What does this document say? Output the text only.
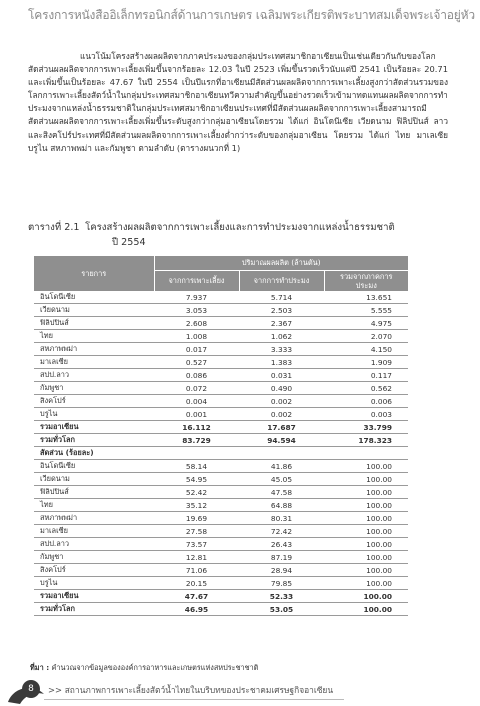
โครงการหนังสืออิเล็กทรอนิกส์ด้านการเกษตร เฉลิมพระเกียรติพระบาทสมเด็จพระเจ้าอยู่หัว
แนวโน้มโครงสร้างผลผลิตจากภาคประมงของกลุ่มประเทศสมาชิกอาเซียนเป็นเช่นเดียวกันกับของโลก สัดส่วนผลผลิตจากการเพาะเลี้ยงเพิ่มขึ้นจากร้อยละ 12.03 ในปี 2523 เพิ่มขึ้นรวดเร็วนับแต่ปี 2541 เป็นร้อยละ 20.71 และเพิ่มขึ้นเป็นร้อยละ 47.67 ในปี 2554 เป็นปีแรกที่อาเซียนมีสัดส่วนผลผลิตจากการเพาะเลี้ยงสูงกว่าสัดส่วนรวมของโลกการเพาะเลี้ยงสัตว์น้ำในกลุ่มประเทศสมาชิกอาเซียนทวีความสำคัญขึ้นอย่างรวดเร็วเข้ามาทดแทนผลผลิตจากการทำประมงจากแหล่งน้ำธรรมชาติในกลุ่มประเทศสมาชิกอาเซียนประเทศที่มีสัดส่วนผลผลิตจากการเพาะเลี้ยงสามารถมีสัดส่วนผลผลิตจากการเพาะเลี้ยงเพิ่มขึ้นระดับสูงกว่ากลุ่มอาเซียนโดยรวม ได้แก่ อินโดนีเซีย เวียดนาม ฟิลิปปินส์ ลาว และสิงคโปร์ประเทศที่มีสัดส่วนผลผลิตจากการเพาะเลี้ยงต่ำกว่าระดับของกลุ่มอาเซียน โดยรวม ได้แก่ ไทย มาเลเซีย บรูไน สหภาพพม่า และกัมพูชา ตามลำดับ (ตารางผนวกที่ 1)
ตารางที่ 2.1 โครงสร้างผลผลิตจากการเพาะเลี้ยงและการทำประมงจากแหล่งน้ำธรรมชาติ
ปี 2554
รายการ	ปริมาณผลผลิต (ล้านตัน)		
	จากการเพาะเลี้ยง	จากการทำประมง	รวมจากภาคการประมง
อินโดนีเซีย	7.937	5.714	13.651
เวียดนาม	3.053	2.503	5.555
ฟิลิปปินส์	2.608	2.367	4.975
ไทย	1.008	1.062	2.070
สหภาพพม่า	0.017	3.333	4.150
มาเลเซีย	0.527	1.383	1.909
สปป.ลาว	0.086	0.031	0.117
กัมพูชา	0.072	0.490	0.562
สิงคโปร์	0.004	0.002	0.006
บรูไน	0.001	0.002	0.003
รวมอาเซียน	16.112	17.687	33.799
รวมทั่วโลก	83.729	94.594	178.323
สัดส่วน (ร้อยละ)			
อินโดนีเซีย	58.14	41.86	100.00
เวียดนาม	54.95	45.05	100.00
ฟิลิปปินส์	52.42	47.58	100.00
ไทย	35.12	64.88	100.00
สหภาพพม่า	19.69	80.31	100.00
มาเลเซีย	27.58	72.42	100.00
สปป.ลาว	73.57	26.43	100.00
กัมพูชา	12.81	87.19	100.00
สิงคโปร์	71.06	28.94	100.00
บรูไน	20.15	79.85	100.00
รวมอาเซียน	47.67	52.33	100.00
รวมทั่วโลก	46.95	53.05	100.00
ที่มา : คำนวณจากข้อมูลขององค์การอาหารและเกษตรแห่งสหประชาชาติ
8	>> สถานภาพการเพาะเลี้ยงสัตว์น้ำไทยในบริบทของประชาคมเศรษฐกิจอาเซียน
